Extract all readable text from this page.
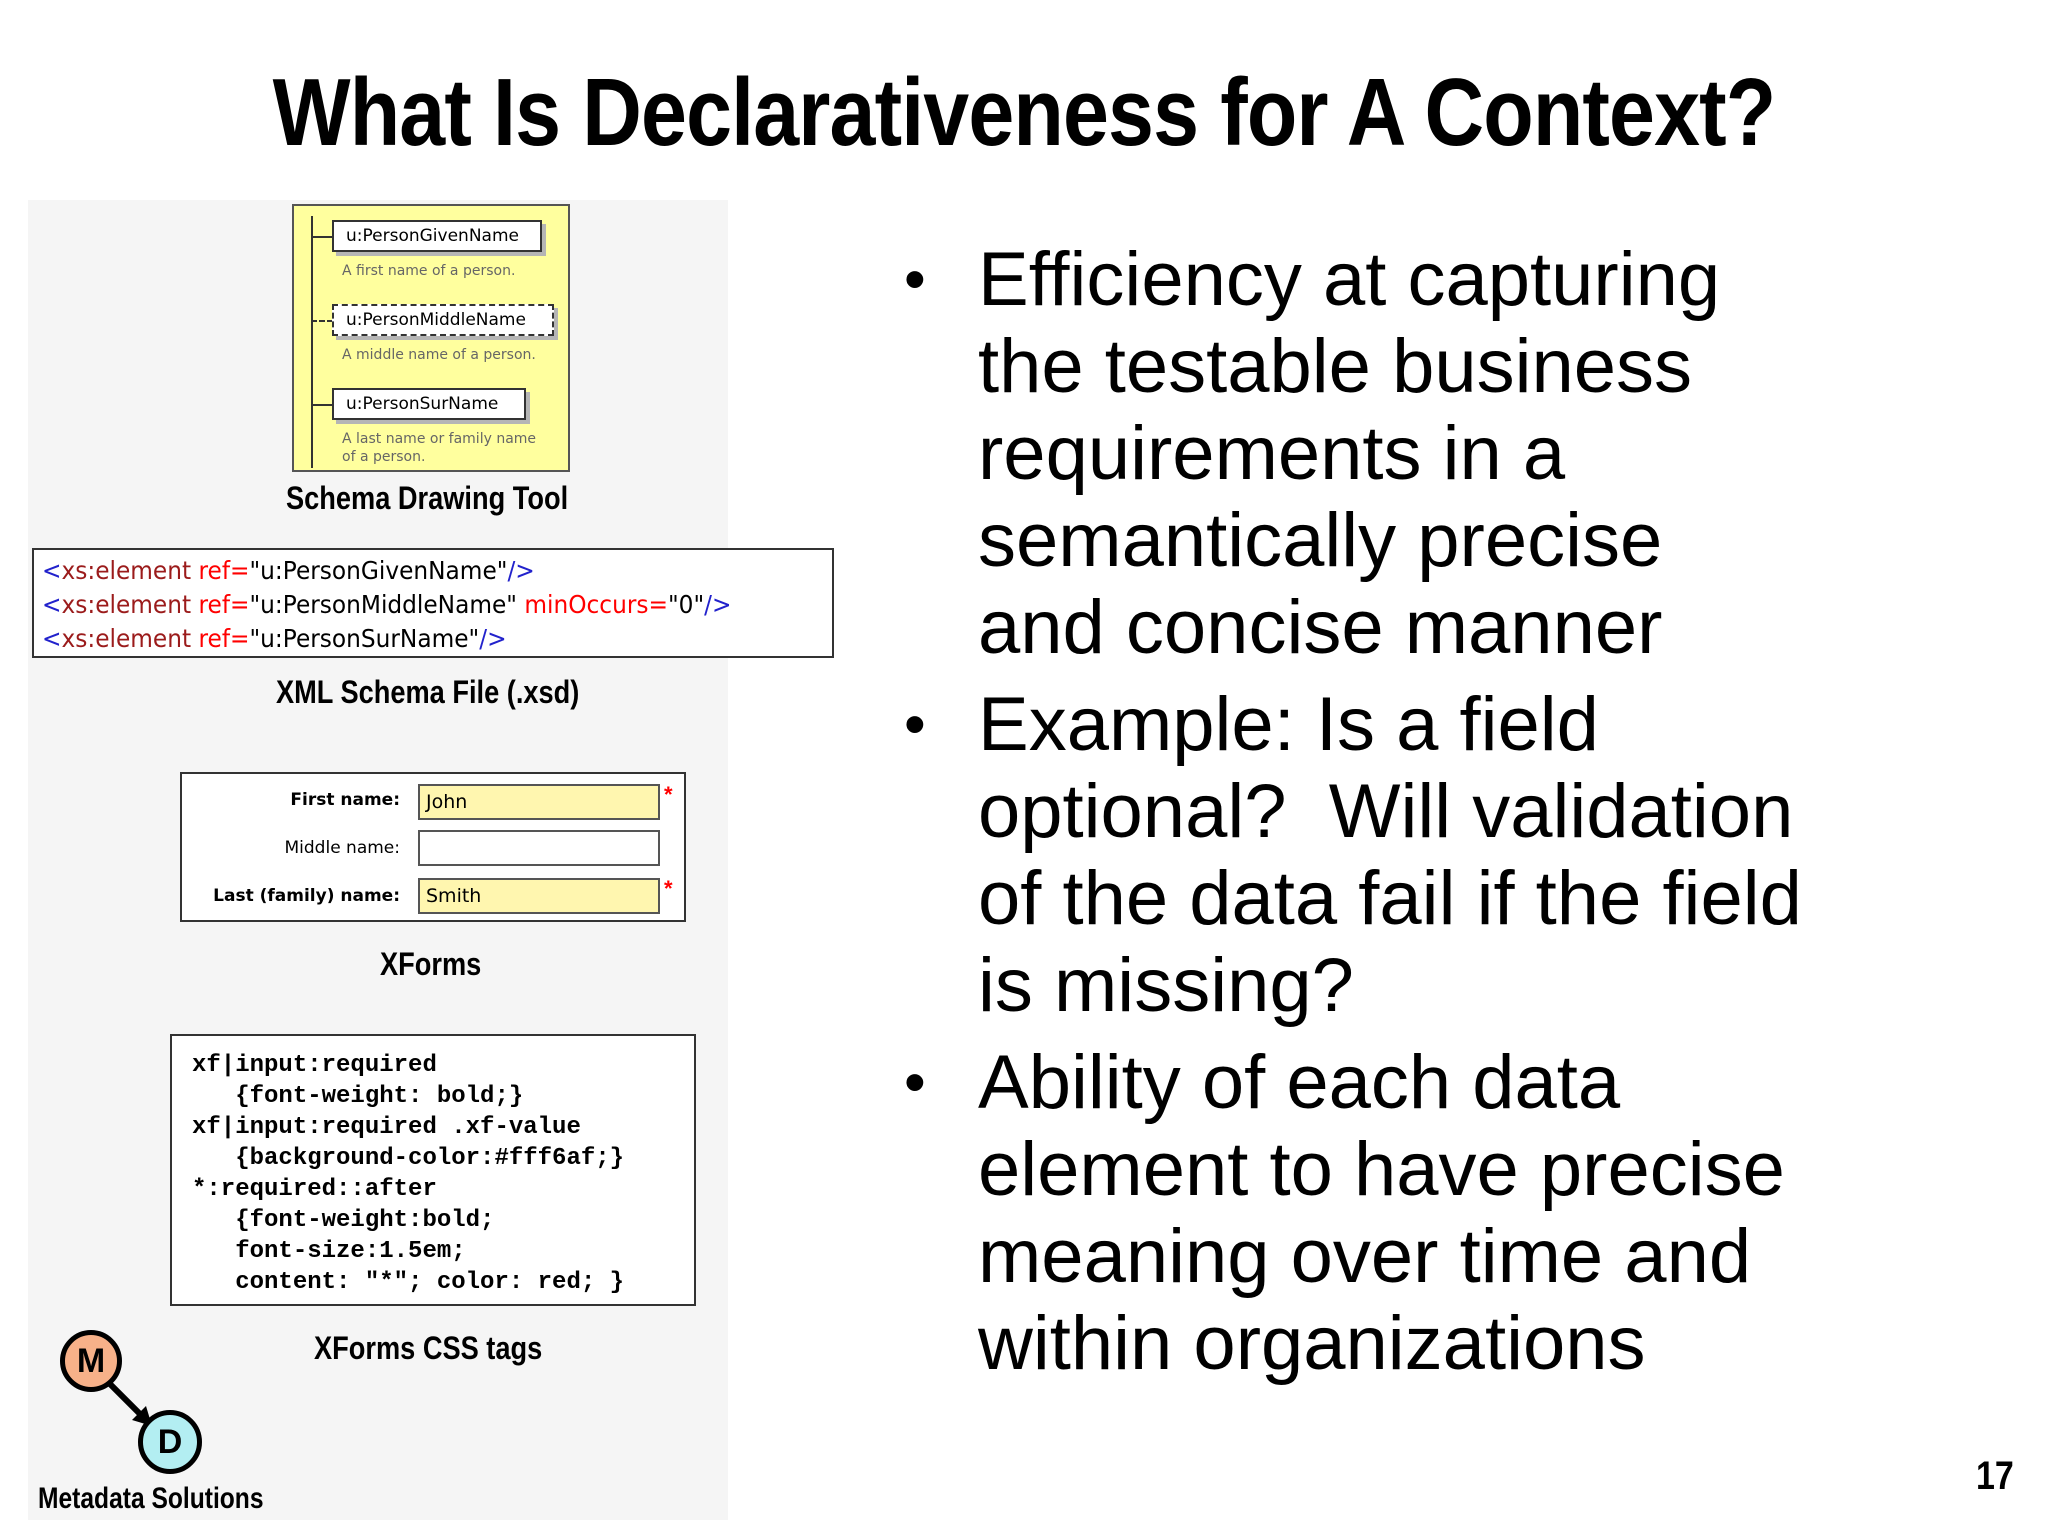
What Is Declarativeness for A Context?
u:PersonGivenName
A first name of a person.
u:PersonMiddleName
A middle name of a person.
u:PersonSurName
A last name or family name
of a person.
Schema Drawing Tool
<xs:element ref="u:PersonGivenName"/>
<xs:element ref="u:PersonMiddleName" minOccurs="0"/>
<xs:element ref="u:PersonSurName"/>
XML Schema File (.xsd)
First name:	John	*
Middle name:
Last (family) name:	Smith	*
XForms
xf|input:required
{font-weight: bold;}
xf|input:required .xf-value
{background-color:#fff6af;}
*:required::after
{font-weight:bold;
font-size:1.5em;
content: "*"; color: red; }
XForms CSS tags
• Efficiency at capturing
the testable business
requirements in a
semantically precise
and concise manner
• Example: Is a field
optional?  Will validation
of the data fail if the field
is missing?
• Ability of each data
element to have precise
meaning over time and
within organizations
M
D
Metadata Solutions
17
